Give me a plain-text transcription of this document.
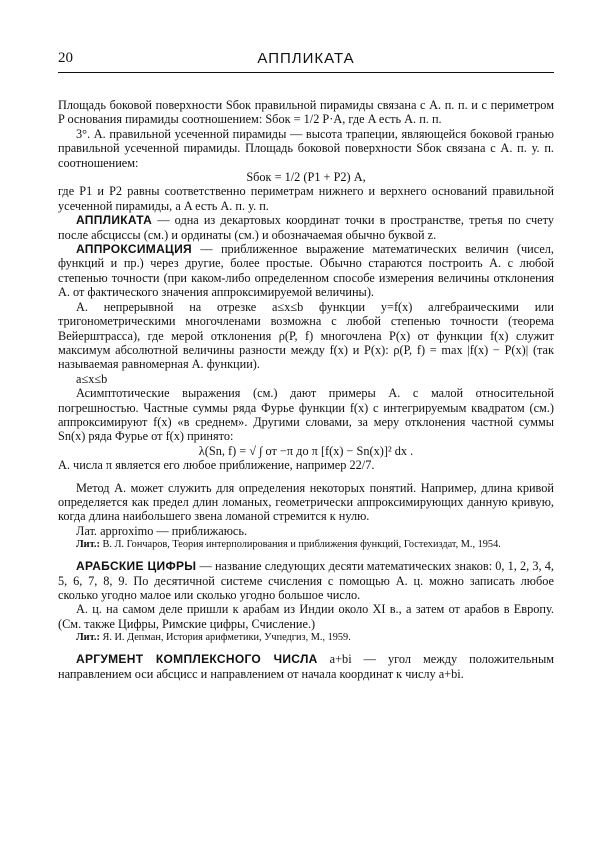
20	АППЛИКАТА

Площадь боковой поверхности Sбок правильной пирамиды связана с А. п. п. и с периметром P основания пирамиды соотношением: Sбок = 1/2 P·A, где A есть А. п. п.

3°. А. правильной усеченной пирамиды — высота трапеции, являющейся боковой гранью правильной усеченной пирамиды. Площадь боковой поверхности Sбок связана с А. п. у. п. соотношением:

Sбок = 1/2 (P1 + P2) A,

где P1 и P2 равны соответственно периметрам нижнего и верхнего оснований правильной усеченной пирамиды, а A есть А. п. у. п.

АППЛИКАТА — одна из декартовых координат точки в пространстве, третья по счету после абсциссы (см.) и ординаты (см.) и обозначаемая обычно буквой z.

АППРОКСИМАЦИЯ — приближенное выражение математических величин (чисел, функций и пр.) через другие, более простые. Обычно стараются построить А. с любой степенью точности (при каком-либо определенном способе измерения величины отклонения А. от фактического значения аппроксимируемой величины).

А. непрерывной на отрезке a≤x≤b функции y=f(x) алгебраическими или тригонометрическими многочленами возможна с любой степенью точности (теорема Вейерштрасса), где мерой отклонения ρ(P, f) многочлена P(x) от функции f(x) служит максимум абсолютной величины разности между f(x) и P(x): ρ(P, f) = max |f(x) − P(x)| (так называемая равномерная А. функции).

a≤x≤b

Асимптотические выражения (см.) дают примеры А. с малой относительной погрешностью. Частные суммы ряда Фурье функции f(x) с интегрируемым квадратом (см.) аппроксимируют f(x) «в среднем». Другими словами, за меру отклонения частной суммы Sn(x) ряда Фурье от f(x) принято:

λ(Sn, f) = √ ∫ от −π до π [f(x) − Sn(x)]² dx .

А. числа π является его любое приближение, например 22/7.

Метод А. может служить для определения некоторых понятий. Например, длина кривой определяется как предел длин ломаных, геометрически аппроксимирующих данную кривую, когда длина наибольшего звена ломаной стремится к нулю.

Лат. approximo — приближаюсь.

Лит.: В. Л. Гончаров, Теория интерполирования и приближения функций, Гостехиздат, М., 1954.

АРАБСКИЕ ЦИФРЫ — название следующих десяти математических знаков: 0, 1, 2, 3, 4, 5, 6, 7, 8, 9. По десятичной системе счисления с помощью А. ц. можно записать любое сколько угодно малое или сколько угодно большое число.

А. ц. на самом деле пришли к арабам из Индии около XI в., а затем от арабов в Европу. (См. также Цифры, Римские цифры, Счисление.)

Лит.: Я. И. Депман, История арифметики, Учпедгиз, М., 1959.

АРГУМЕНТ КОМПЛЕКСНОГО ЧИСЛА a+bi — угол между положительным направлением оси абсцисс и направлением от начала координат к числу a+bi.
